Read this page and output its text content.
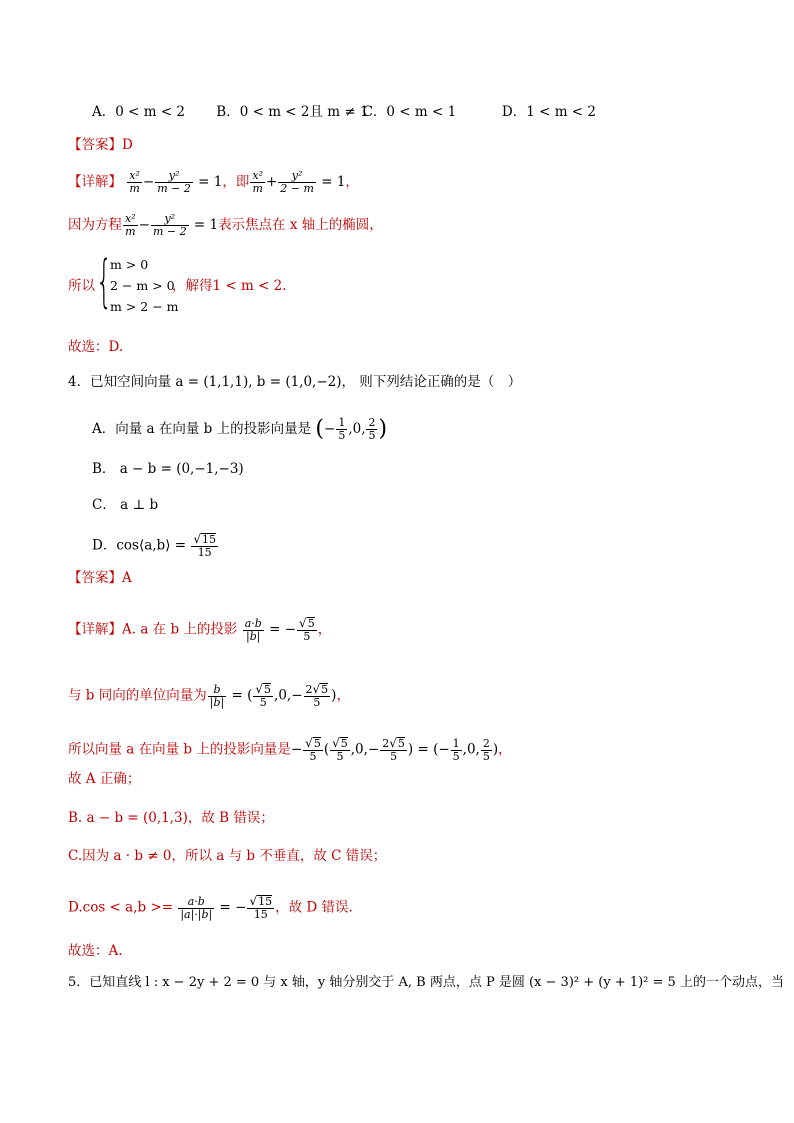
A．0 < m < 2 B．0 < m < 2且 m ≠ 1 C．0 < m < 1	D．1 < m < 2
【答案】D
【详解】 $\frac{\text{x²}}{m} - \frac{\text{y²}}{m - 2} = 1$，即 $\frac{\text{x²}}{m} + \frac{\text{y²}}{2 - m} = 1$，
因为方程 $\frac{\text{x²}}{m} - \frac{\text{y²}}{m - 2} = 1$表示焦点在 x 轴上的椭圆，
所以 {
m > 0
2 − m > 0
m > 2 − m
，解得1 < m < 2.
故选：D.
4．已知空间向量 a = (1,1,1), b = (1,0,−2)， 则下列结论正确的是（　）
A．向量 a 在向量 b 上的投影向量是 (− $\frac{1}{5} ,0$, $\frac{2}{5}$ )
B． a − b = (0,−1,−3)
C． a ⊥ b
D．cos⟨a,b⟩ = $\frac{√15}{15}$
【答案】A
【详解】A. a 在 b 上的投影 $\frac{a\cdot b}{|b|}$ = − $\frac{√5}{5}$ ，
与 b 同向的单位向量为 $\frac{b}{|b|}$ = ( $\frac{√5}{5} ,0,- \frac{2√5}{5}$ )，
所以向量 a 在向量 b 上的投影向量是− $\frac{√5}{5}$ ( $\frac{√5}{5} ,0,- \frac{2√5}{5}$ ) = (− $\frac{1}{5} ,0$, $\frac{2}{5}$ )，
故 A 正确；
B. a − b = (0,1,3)，故 B 错误；
C.因为 a · b ≠ 0，所以 a 与 b 不垂直，故 C 错误；
$D.\cos < a,b >= \frac{a\cdot b}{|a|\cdot|b|}$ = − $\frac{√15}{15}$ ，故 D 错误.
故选：A.
5．已知直线 l : x − 2y + 2 = 0 与 x 轴，y 轴分别交于 A, B 两点，点 P 是圆 (x − 3)² + (y + 1)² = 5 上的一个动点，当
